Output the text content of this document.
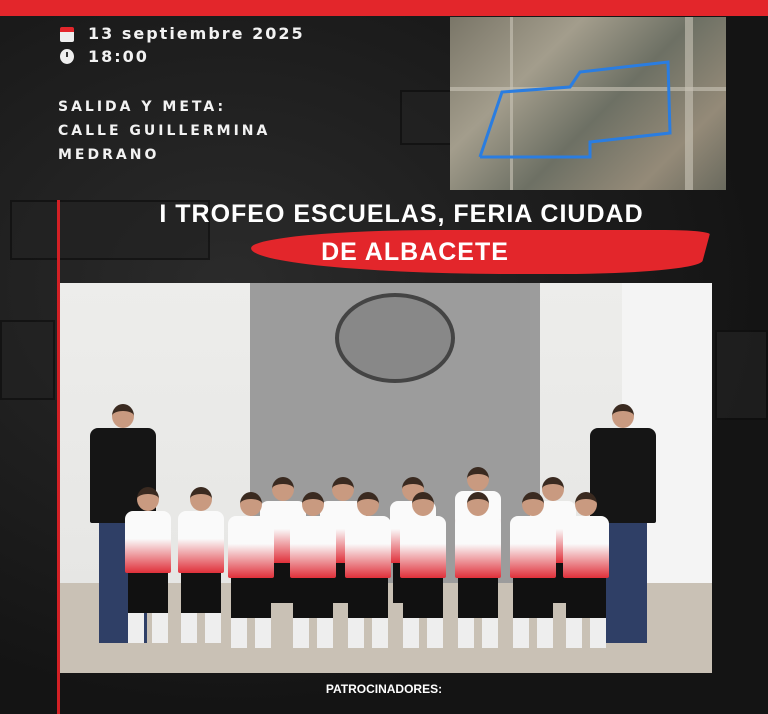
13 septiembre 2025
18:00
SALIDA Y META:
CALLE GUILLERMINA
MEDRANO
I TROFEO ESCUELAS, FERIA CIUDAD
DE ALBACETE
PATROCINADORES:
